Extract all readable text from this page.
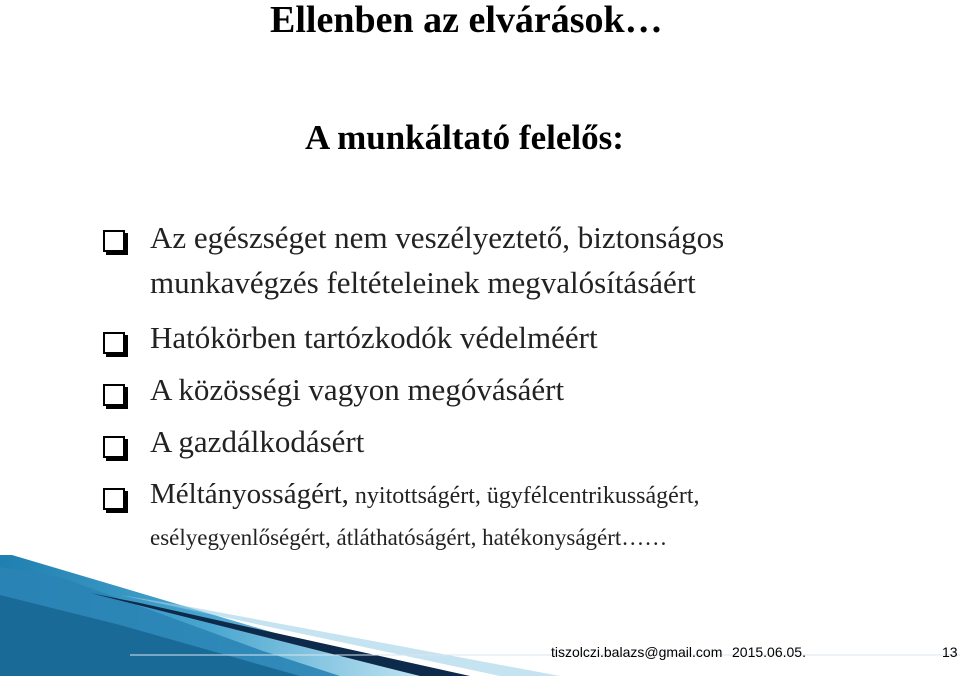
Ellenben az elvárások…
A munkáltató felelős:
Az egészséget nem veszélyeztető, biztonságos
munkavégzés feltételeinek megvalósításáért
Hatókörben tartózkodók védelméért
A közösségi vagyon megóvásáért
A gazdálkodásért
Méltányosságért, nyitottságért, ügyfélcentrikusságért,
esélyegyenlőségért, átláthatóságért, hatékonyságért……
tiszolczi.balazs@gmail.com 2015.06.05.	13
